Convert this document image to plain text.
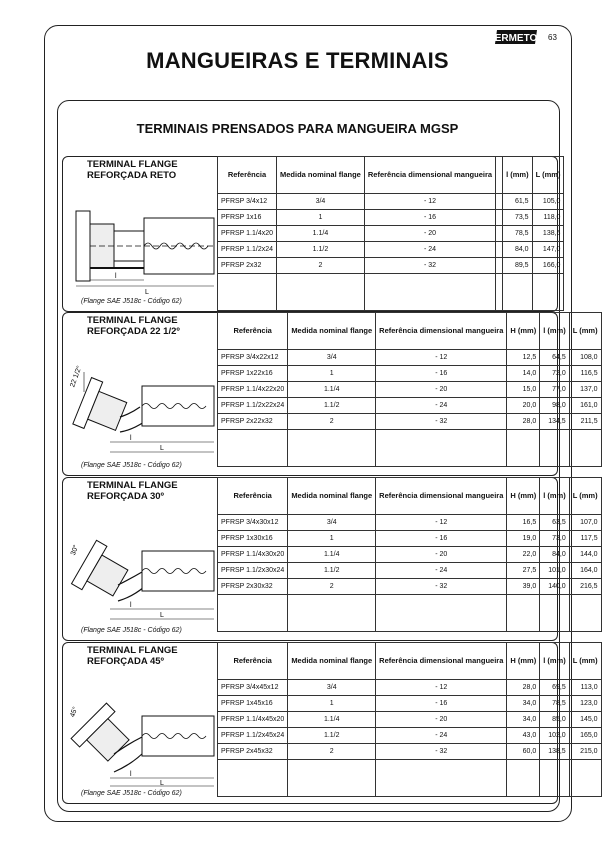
ERMETO 63
MANGUEIRAS E TERMINAIS
TERMINAIS PRENSADOS PARA MANGUEIRA MGSP
TERMINAL FLANGE
REFORÇADA RETO
l
L
Referência	Medida nominal flange	Referência dimensional mangueira		l (mm)	L (mm)
PFRSP 3/4x12	3/4	- 12		61,5	105,0
PFRSP 1x16	1	- 16		73,5	118,0
PFRSP 1.1/4x20	1.1/4	- 20		78,5	138,5
PFRSP 1.1/2x24	1.1/2	- 24		84,0	147,0
PFRSP 2x32	2	- 32		89,5	166,0

(Flange SAE J518c - Código 62)
TERMINAL FLANGE
REFORÇADA 22 1/2º
22 1/2°
l
L
Referência	Medida nominal flange	Referência dimensional mangueira	H (mm)	l (mm)	L (mm)
PFRSP 3/4x22x12	3/4	- 12	12,5	64,5	108,0
PFRSP 1x22x16	1	- 16	14,0	72,0	116,5
PFRSP 1.1/4x22x20	1.1/4	- 20	15,0	77,0	137,0
PFRSP 1.1/2x22x24	1.1/2	- 24	20,0	98,0	161,0
PFRSP 2x22x32	2	- 32	28,0	134,5	211,5

(Flange SAE J518c - Código 62)
TERMINAL FLANGE
REFORÇADA 30º
30°
l
L
Referência	Medida nominal flange	Referência dimensional mangueira	H (mm)	l (mm)	L (mm)
PFRSP 3/4x30x12	3/4	- 12	16,5	63,5	107,0
PFRSP 1x30x16	1	- 16	19,0	73,0	117,5
PFRSP 1.1/4x30x20	1.1/4	- 20	22,0	84,0	144,0
PFRSP 1.1/2x30x24	1.1/2	- 24	27,5	101,0	164,0
PFRSP 2x30x32	2	- 32	39,0	140,0	216,5

(Flange SAE J518c - Código 62)
TERMINAL FLANGE
REFORÇADA 45º
45°
l
L
Referência	Medida nominal flange	Referência dimensional mangueira	H (mm)	l (mm)	L (mm)
PFRSP 3/4x45x12	3/4	- 12	28,0	69,5	113,0
PFRSP 1x45x16	1	- 16	34,0	78,5	123,0
PFRSP 1.1/4x45x20	1.1/4	- 20	34,0	85,0	145,0
PFRSP 1.1/2x45x24	1.1/2	- 24	43,0	102,0	165,0
PFRSP 2x45x32	2	- 32	60,0	138,5	215,0

(Flange SAE J518c - Código 62)
